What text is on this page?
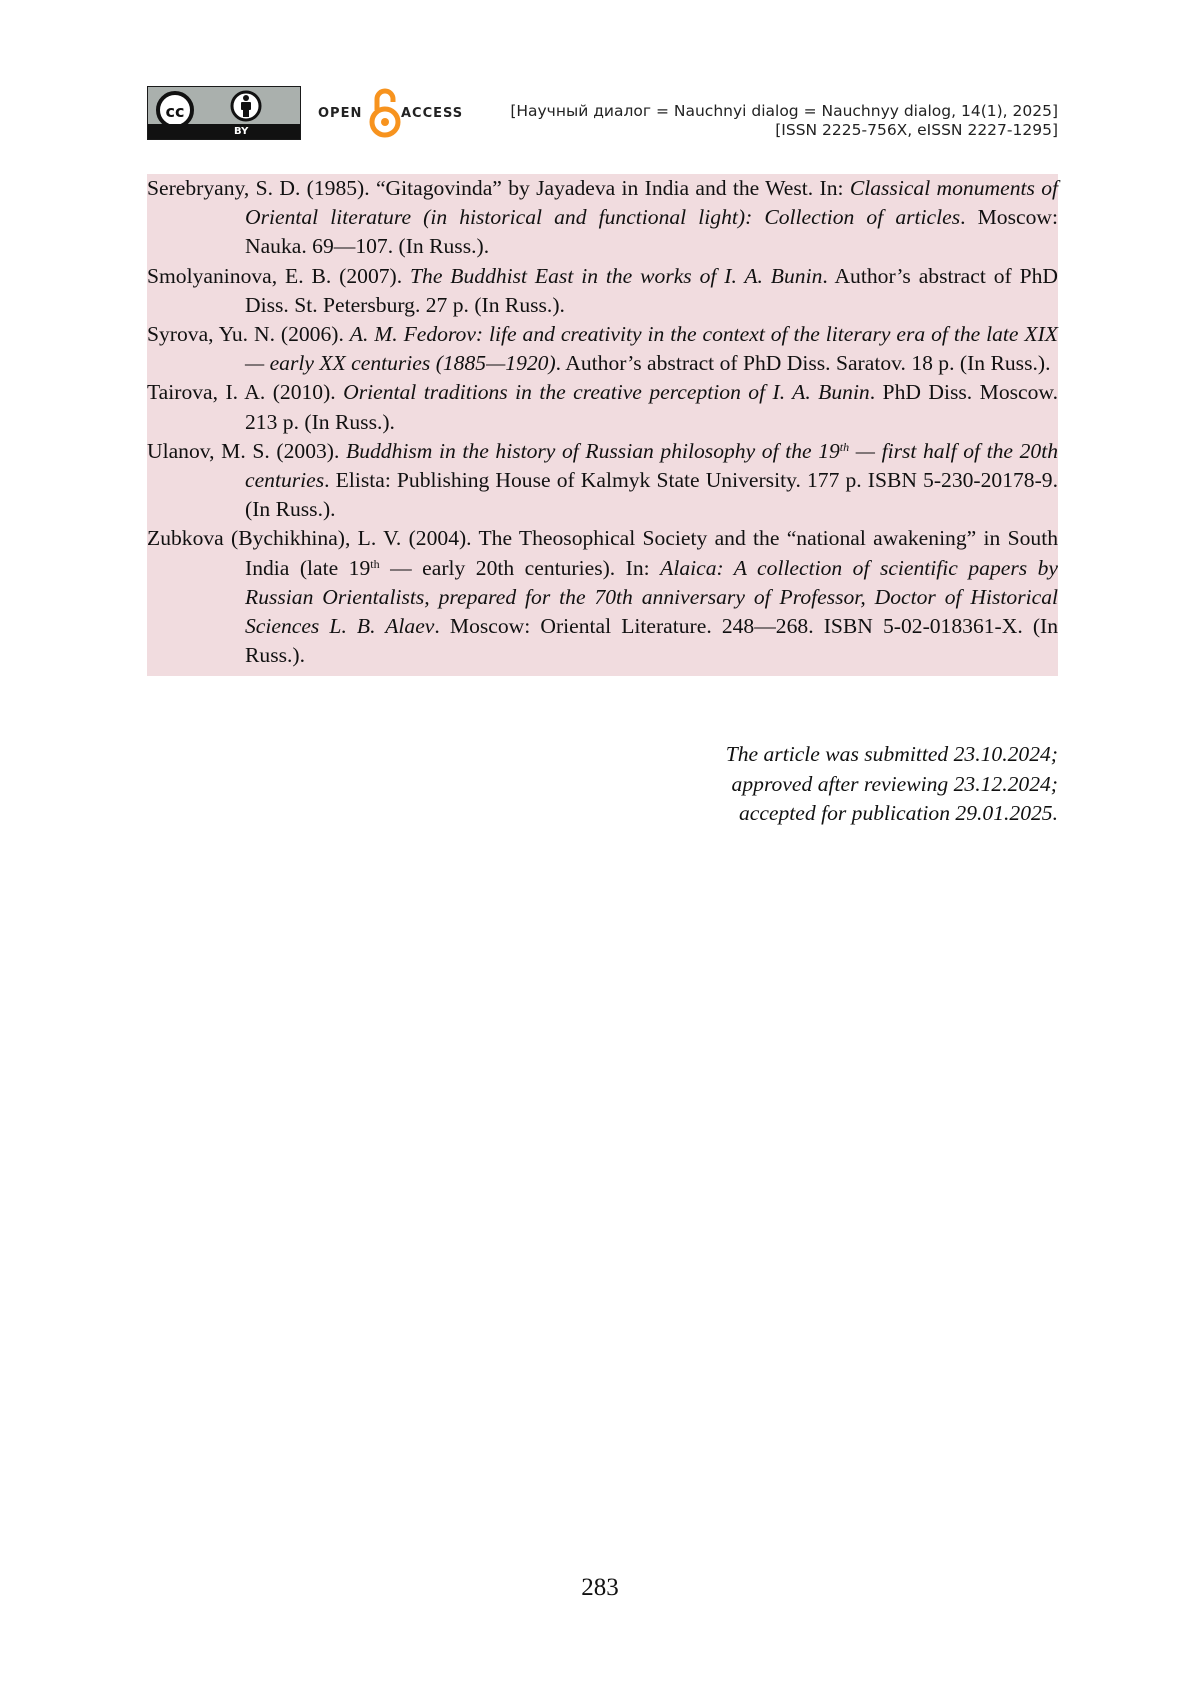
cc
BY
OPEN	ACCESS	[Научный диалог = Nauchnyi dialog = Nauchnyy dialog, 14(1), 2025]
[ISSN 2225-756X, eISSN 2227-1295]

Serebryany, S. D. (1985). “Gitagovinda” by Jayadeva in India and the West. In: Classical monuments of Oriental literature (in historical and functional light): Collection of articles. Moscow: Nauka. 69—107. (In Russ.).

Smolyaninova, E. B. (2007). The Buddhist East in the works of I. A. Bunin. Author’s abstract of PhD Diss. St. Petersburg. 27 p. (In Russ.).

Syrova, Yu. N. (2006). A. M. Fedorov: life and creativity in the context of the literary era of the late XIX — early XX centuries (1885—1920). Author’s abstract of PhD Diss. Saratov. 18 p. (In Russ.).

Tairova, I. A. (2010). Oriental traditions in the creative perception of I. A. Bunin. PhD Diss. Moscow. 213 p. (In Russ.).

Ulanov, M. S. (2003). Buddhism in the history of Russian philosophy of the 19th — first half of the 20th centuries. Elista: Publishing House of Kalmyk State University. 177 p. ISBN 5-230-20178-9. (In Russ.).

Zubkova (Bychikhina), L. V. (2004). The Theosophical Society and the “national awakening” in South India (late 19th — early 20th centuries). In: Alaica: A collection of scientific papers by Russian Orientalists, prepared for the 70th anniversary of Professor, Doctor of Historical Sciences L. B. Alaev. Moscow: Oriental Literature. 248—268. ISBN 5-02-018361-X. (In Russ.).

The article was submitted 23.10.2024;
approved after reviewing 23.12.2024;
accepted for publication 29.01.2025.
283
